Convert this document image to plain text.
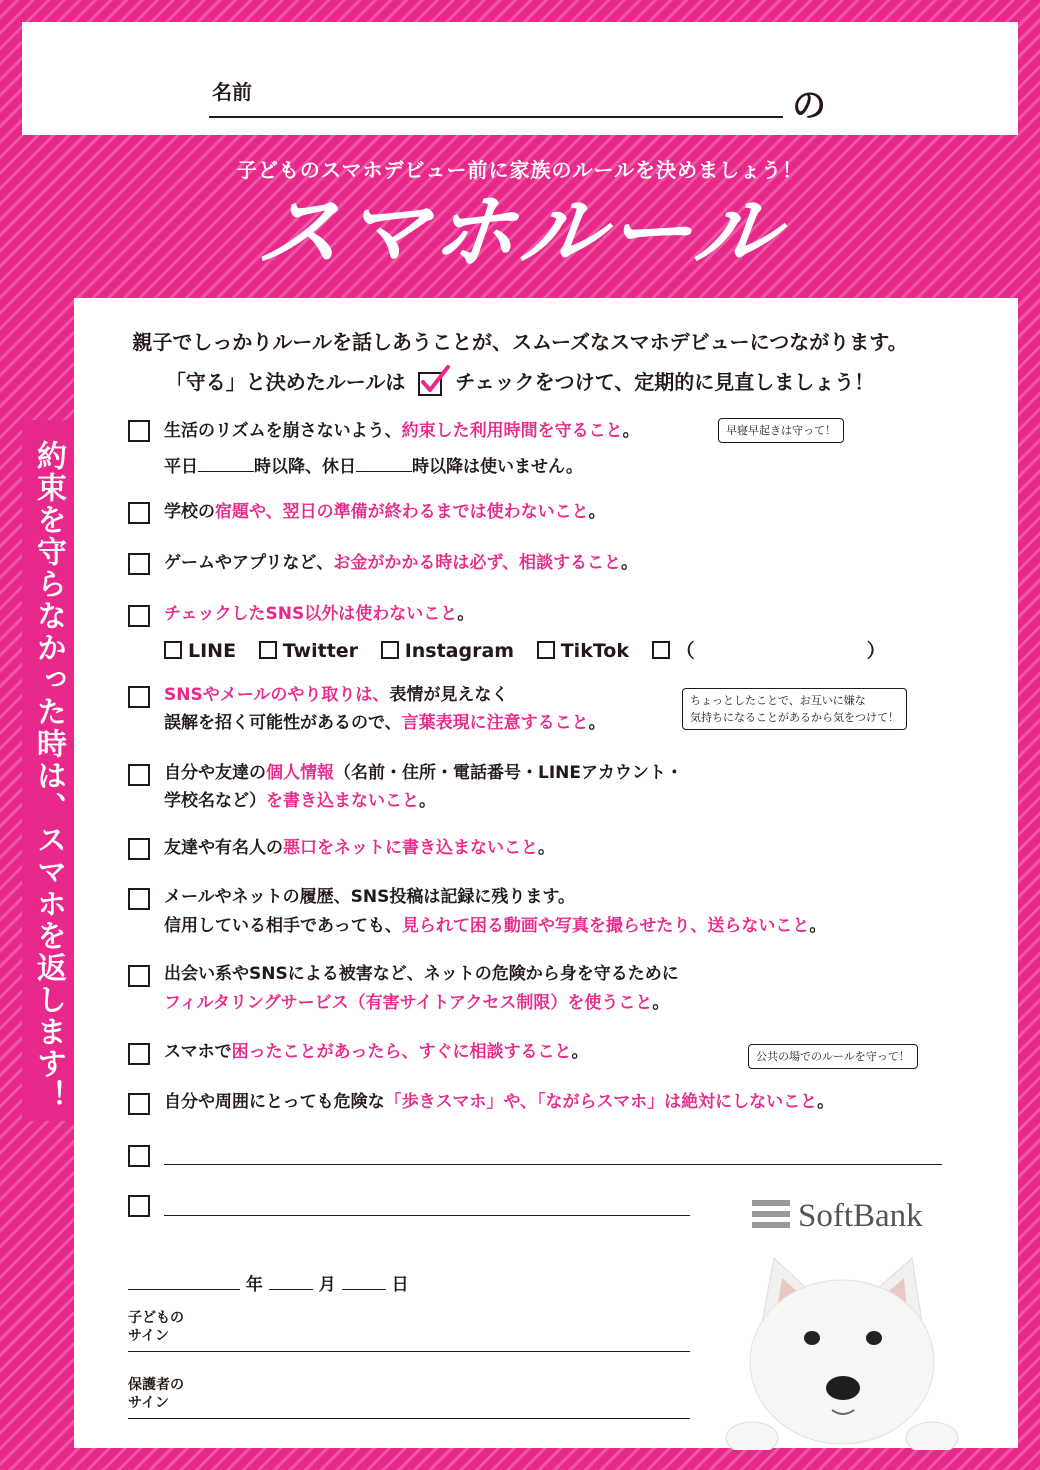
名前	の
子どものスマホデビュー前に家族のルールを決めましょう！
スマホルール
約束を守らなかった時は、スマホを返します！
親子でしっかりルールを話しあうことが、スムーズなスマホデビューにつながります。
「守る」と決めたルールは チェックをつけて、定期的に見直しましょう！
生活のリズムを崩さないよう、約束した利用時間を守ること。
平日	時以降、休日	時以降は使いません。
早寝早起きは守って！
学校の宿題や、翌日の準備が終わるまでは使わないこと。
ゲームやアプリなど、お金がかかる時は必ず、相談すること。
チェックしたSNS以外は使わないこと。
LINE Twitter Instagram TikTok （	）
SNSやメールのやり取りは、表情が見えなく
誤解を招く可能性があるので、言葉表現に注意すること。
ちょっとしたことで、お互いに嫌な
気持ちになることがあるから気をつけて！
自分や友達の個人情報（名前・住所・電話番号・LINEアカウント・
学校名など）を書き込まないこと。
友達や有名人の悪口をネットに書き込まないこと。
メールやネットの履歴、SNS投稿は記録に残ります。
信用している相手であっても、見られて困る動画や写真を撮らせたり、送らないこと。
出会い系やSNSによる被害など、ネットの危険から身を守るために
フィルタリングサービス（有害サイトアクセス制限）を使うこと。
スマホで困ったことがあったら、すぐに相談すること。	公共の場でのルールを守って！
自分や周囲にとっても危険な「歩きスマホ」や、「ながらスマホ」は絶対にしないこと。
SoftBank
年	月	日
子どもの
サイン
保護者の
サイン
